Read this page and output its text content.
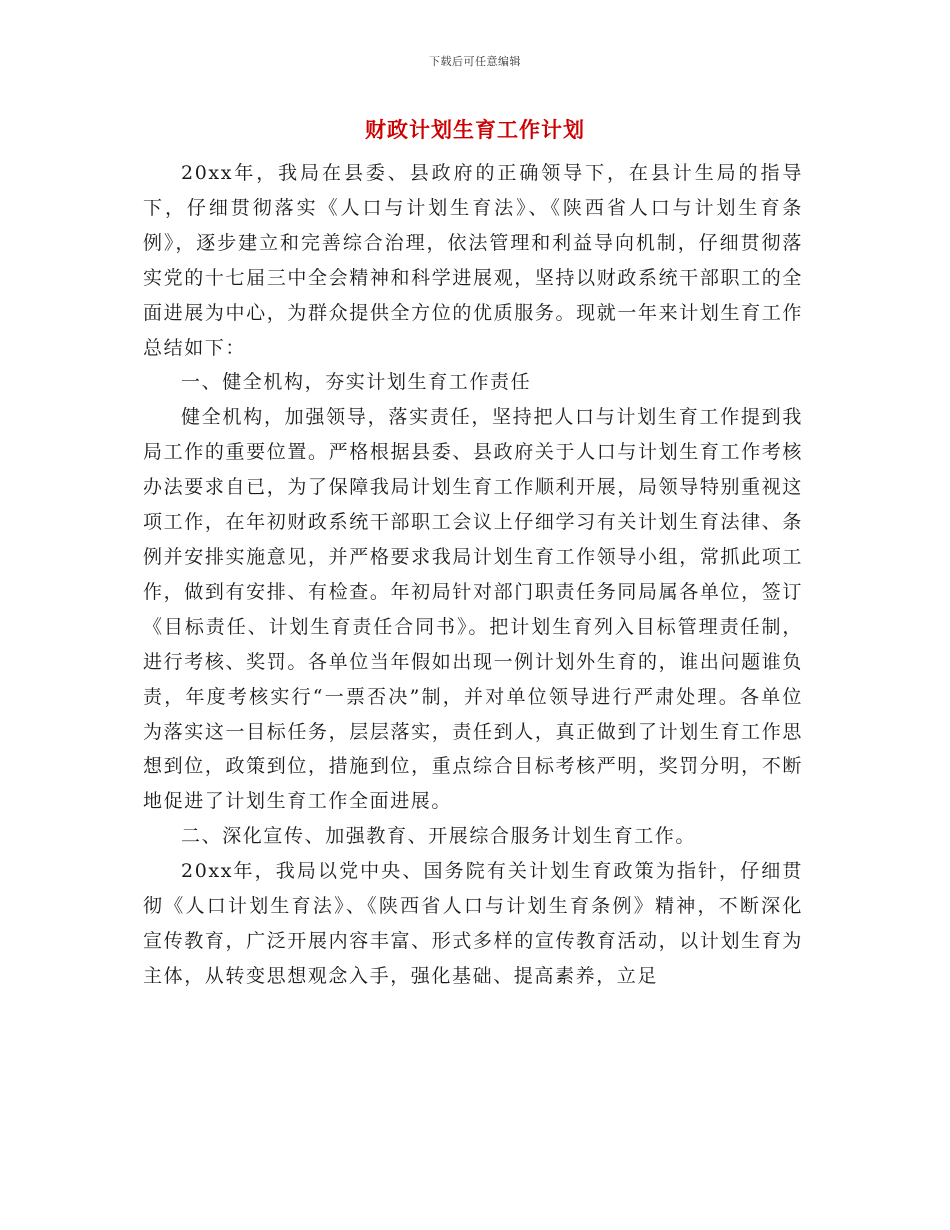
下载后可任意编辑
财政计划生育工作计划

20xx年，我局在县委、县政府的正确领导下，在县计生局的指导下，仔细贯彻落实《人口与计划生育法》、《陕西省人口与计划生育条例》，逐步建立和完善综合治理，依法管理和利益导向机制，仔细贯彻落实党的十七届三中全会精神和科学进展观，坚持以财政系统干部职工的全面进展为中心，为群众提供全方位的优质服务。现就一年来计划生育工作总结如下：

一、健全机构，夯实计划生育工作责任

健全机构，加强领导，落实责任，坚持把人口与计划生育工作提到我局工作的重要位置。严格根据县委、县政府关于人口与计划生育工作考核办法要求自已，为了保障我局计划生育工作顺利开展，局领导特别重视这项工作，在年初财政系统干部职工会议上仔细学习有关计划生育法律、条例并安排实施意见，并严格要求我局计划生育工作领导小组，常抓此项工作，做到有安排、有检查。年初局针对部门职责任务同局属各单位，签订《目标责任、计划生育责任合同书》。把计划生育列入目标管理责任制，进行考核、奖罚。各单位当年假如出现一例计划外生育的，谁出问题谁负责，年度考核实行“一票否决”制，并对单位领导进行严肃处理。各单位为落实这一目标任务，层层落实，责任到人，真正做到了计划生育工作思想到位，政策到位，措施到位，重点综合目标考核严明，奖罚分明，不断地促进了计划生育工作全面进展。

二、深化宣传、加强教育、开展综合服务计划生育工作。

20xx年，我局以党中央、国务院有关计划生育政策为指针，仔细贯彻《人口计划生育法》、《陕西省人口与计划生育条例》精神，不断深化宣传教育，广泛开展内容丰富、形式多样的宣传教育活动，以计划生育为主体，从转变思想观念入手，强化基础、提高素养，立足
